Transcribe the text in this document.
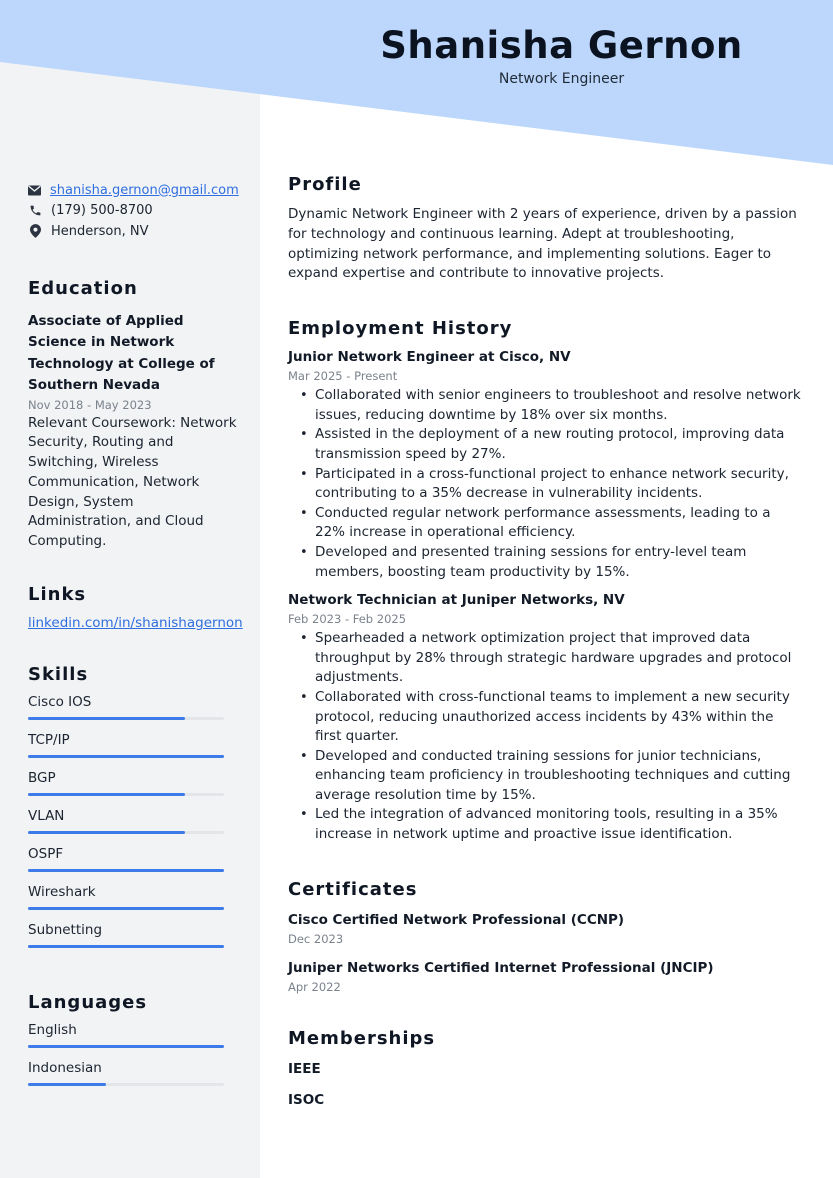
Shanisha Gernon
Network Engineer
shanisha.gernon@gmail.com
(179) 500-8700
Henderson, NV
Education
Associate of Applied Science in Network Technology at College of Southern Nevada
Nov 2018 - May 2023
Relevant Coursework: Network Security, Routing and Switching, Wireless Communication, Network Design, System Administration, and Cloud Computing.
Links
linkedin.com/in/shanishagernon
Skills
Cisco IOS
TCP/IP
BGP
VLAN
OSPF
Wireshark
Subnetting
Languages
English
Indonesian
Profile
Dynamic Network Engineer with 2 years of experience, driven by a passion for technology and continuous learning. Adept at troubleshooting, optimizing network performance, and implementing solutions. Eager to expand expertise and contribute to innovative projects.
Employment History
Junior Network Engineer at Cisco, NV
Mar 2025 - Present
• Collaborated with senior engineers to troubleshoot and resolve network issues, reducing downtime by 18% over six months.
• Assisted in the deployment of a new routing protocol, improving data transmission speed by 27%.
• Participated in a cross-functional project to enhance network security, contributing to a 35% decrease in vulnerability incidents.
• Conducted regular network performance assessments, leading to a 22% increase in operational efficiency.
• Developed and presented training sessions for entry-level team members, boosting team productivity by 15%.
Network Technician at Juniper Networks, NV
Feb 2023 - Feb 2025
• Spearheaded a network optimization project that improved data throughput by 28% through strategic hardware upgrades and protocol adjustments.
• Collaborated with cross-functional teams to implement a new security protocol, reducing unauthorized access incidents by 43% within the first quarter.
• Developed and conducted training sessions for junior technicians, enhancing team proficiency in troubleshooting techniques and cutting average resolution time by 15%.
• Led the integration of advanced monitoring tools, resulting in a 35% increase in network uptime and proactive issue identification.
Certificates
Cisco Certified Network Professional (CCNP)
Dec 2023
Juniper Networks Certified Internet Professional (JNCIP)
Apr 2022
Memberships
IEEE
ISOC
